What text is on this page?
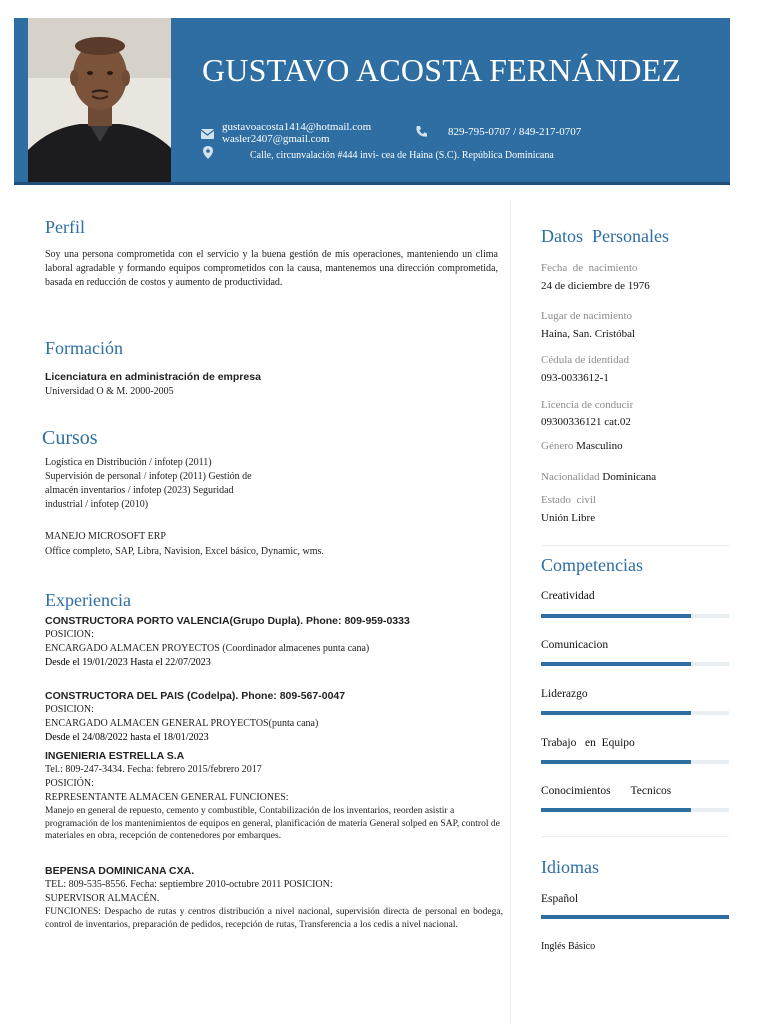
GUSTAVO ACOSTA FERNÁNDEZ
gustavoacosta1414@hotmail.com
wasler2407@gmail.com
829-795-0707 / 849-217-0707
Calle, circunvalación #444 invi- cea de Haina (S.C). República Dominicana
Perfil
Soy una persona comprometida con el servicio y la buena gestión de mis operaciones, manteniendo un clima laboral agradable y formando equipos comprometidos con la causa, mantenemos una dirección comprometida, basada en reducción de costos y aumento de productividad.
Formación
Licenciatura en administración de empresa
Universidad O & M. 2000-2005
Cursos
Logística en Distribución / infotep (2011)
Supervisión de personal / infotep (2011) Gestión de
almacén inventarios / infotep (2023) Seguridad
industrial / infotep (2010)
MANEJO MICROSOFT ERP
Office completo, SAP, Libra, Navision, Excel básico, Dynamic, wms.
Experiencia
CONSTRUCTORA PORTO VALENCIA(Grupo Dupla). Phone: 809-959-0333
POSICION:
ENCARGADO ALMACEN PROYECTOS (Coordinador almacenes punta cana)
Desde el 19/01/2023 Hasta el 22/07/2023
CONSTRUCTORA DEL PAIS (Codelpa). Phone: 809-567-0047
POSICION:
ENCARGADO ALMACEN GENERAL PROYECTOS(punta cana)
Desde el 24/08/2022 hasta el 18/01/2023
INGENIERIA ESTRELLA S.A
Tel.: 809-247-3434. Fecha: febrero 2015/febrero 2017
POSICIÓN:
REPRESENTANTE ALMACEN GENERAL FUNCIONES:
Manejo en general de repuesto, cemento y combustible, Contabilización de los inventarios, reorden asistir a programación de los mantenimientos de equipos en general, planificación de materia General solped en SAP, control de materiales en obra, recepción de contenedores por embarques.
BEPENSA DOMINICANA CXA.
TEL: 809-535-8556. Fecha: septiembre 2010-octubre 2011 POSICION:
SUPERVISOR ALMACÉN.
FUNCIONES: Despacho de rutas y centros distribución a nivel nacional, supervisión directa de personal en bodega, control de inventarios, preparación de pedidos, recepción de rutas, Transferencia a los cedis a nivel nacional.
Datos  Personales
Fecha  de  nacimiento
24 de diciembre de 1976
Lugar de nacimiento
Haina, San. Cristóbal
Cédula de identidad
093-0033612-1
Licencia de conducir
09300336121 cat.02
Género Masculino
Nacionalidad Dominicana
Estado  civil
Unión Libre
Competencias
Creatividad
Comunicacion
Liderazgo
Trabajo   en  Equipo
Conocimientos       Tecnicos
Idiomas
Español
Inglés Básico
